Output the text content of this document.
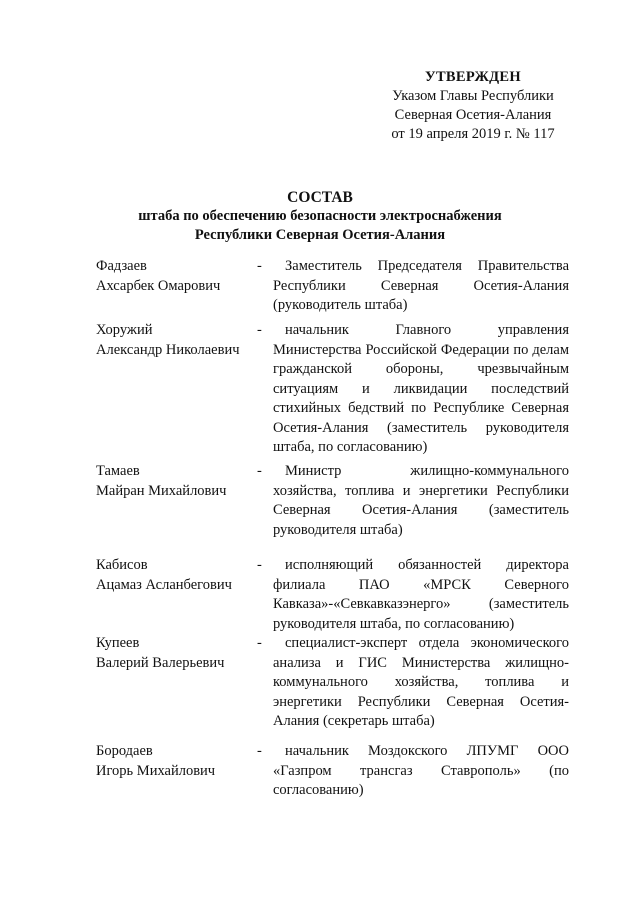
УТВЕРЖДЕН
Указом Главы Республики
Северная Осетия-Алания
от 19 апреля 2019 г. № 117
СОСТАВ
штаба по обеспечению безопасности электроснабжения
Республики Северная Осетия-Алания
Фадзаев
Ахсарбек Омарович
-	Заместитель Председателя Правительства Республики Северная Осетия-Алания (руководитель штаба)
Хоружий
Александр Николаевич
-	начальник Главного управления Министерства Российской Федерации по делам гражданской обороны, чрезвычайным ситуациям и ликвидации последствий стихийных бедствий по Республике Северная Осетия-Алания (заместитель руководителя штаба, по согласованию)
Тамаев
Майран Михайлович
-	Министр жилищно-коммунального хозяйства, топлива и энергетики Республики Северная Осетия-Алания (заместитель руководителя штаба)
Кабисов
Ацамаз Асланбегович
-	исполняющий обязанностей директора филиала ПАО «МРСК Северного Кавказа»-«Севкавказэнерго» (заместитель руководителя штаба, по согласованию)
Купеев
Валерий Валерьевич
-	специалист-эксперт отдела экономического анализа и ГИС Министерства жилищно-коммунального хозяйства, топлива и энергетики Республики Северная Осетия-Алания (секретарь штаба)
Бородаев
Игорь Михайлович
-	начальник Моздокского ЛПУМГ ООО «Газпром трансгаз Ставрополь» (по согласованию)
